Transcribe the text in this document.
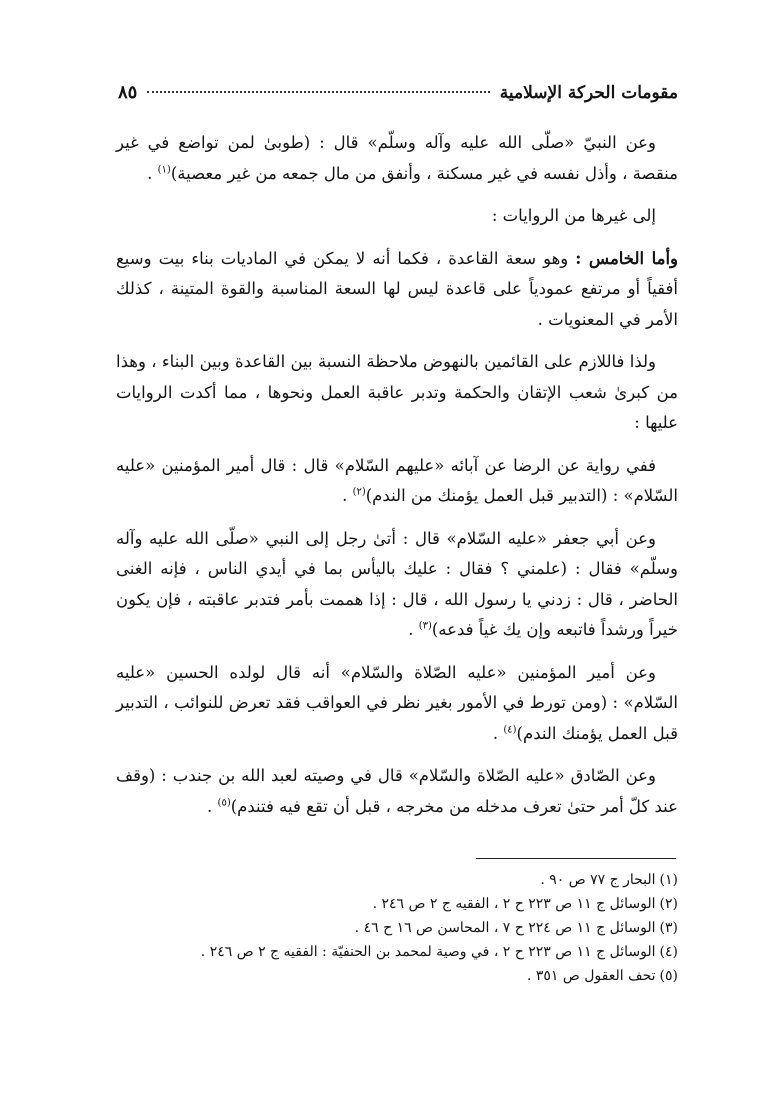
مقومات الحركة الإسلامية
٨٥

وعن النبيّ «صلّى الله عليه وآله وسلّم» قال : (طوبىٰ لمن تواضع في غير منقصة ، وأذل نفسه في غير مسكنة ، وأنفق من مال جمعه من غير معصية)$^{(١)}$ .

إلى غيرها من الروايات :

وأما الخامس : وهو سعة القاعدة ، فكما أنه لا يمكن في الماديات بناء بيت وسيع أفقياً أو مرتفع عمودياً على قاعدة ليس لها السعة المناسبة والقوة المتينة ، كذلك الأمر في المعنويات .

ولذا فاللازم على القائمين بالنهوض ملاحظة النسبة بين القاعدة وبين البناء ، وهذا من كبرىٰ شعب الإتقان والحكمة وتدبر عاقبة العمل ونحوها ، مما أكدت الروايات عليها :

ففي رواية عن الرضا عن آبائه «عليهم السّلام» قال : قال أمير المؤمنين «عليه السّلام» : (التدبير قبل العمل يؤمنك من الندم)$^{(٢)}$ .

وعن أبي جعفر «عليه السّلام» قال : أتىٰ رجل إلى النبي «صلّى الله عليه وآله وسلّم» فقال : (علمني ؟ فقال : عليك باليأس بما في أيدي الناس ، فإنه الغنى الحاضر ، قال : زدني يا رسول الله ، قال : إذا هممت بأمر فتدبر عاقبته ، فإن يكون خيراً ورشداً فاتبعه وإن يك غياً فدعه)$^{(٣)}$ .

وعن أمير المؤمنين «عليه الصّلاة والسّلام» أنه قال لولده الحسين «عليه السّلام» : (ومن تورط في الأمور بغير نظر في العواقب فقد تعرض للنوائب ، التدبير قبل العمل يؤمنك الندم)$^{(٤)}$ .

وعن الصّادق «عليه الصّلاة والسّلام» قال في وصيته لعبد الله بن جندب : (وقف عند كلّ أمر حتىٰ تعرف مدخله من مخرجه ، قبل أن تقع فيه فتندم)$^{(٥)}$ .

(١)البحار ج ٧٧ ص ٩٠ .
(٢)الوسائل ج ١١ ص ٢٢٣ ح ٢ ، الفقيه ج ٢ ص ٢٤٦ .
(٣)الوسائل ج ١١ ص ٢٢٤ ح ٧ ، المحاسن ص ١٦ ح ٤٦ .
(٤)الوسائل ج ١١ ص ٢٢٣ ح ٢ ، في وصية لمحمد بن الحنفيّة : الفقيه ج ٢ ص ٢٤٦ .
(٥)تحف العقول ص ٣٥١ .
